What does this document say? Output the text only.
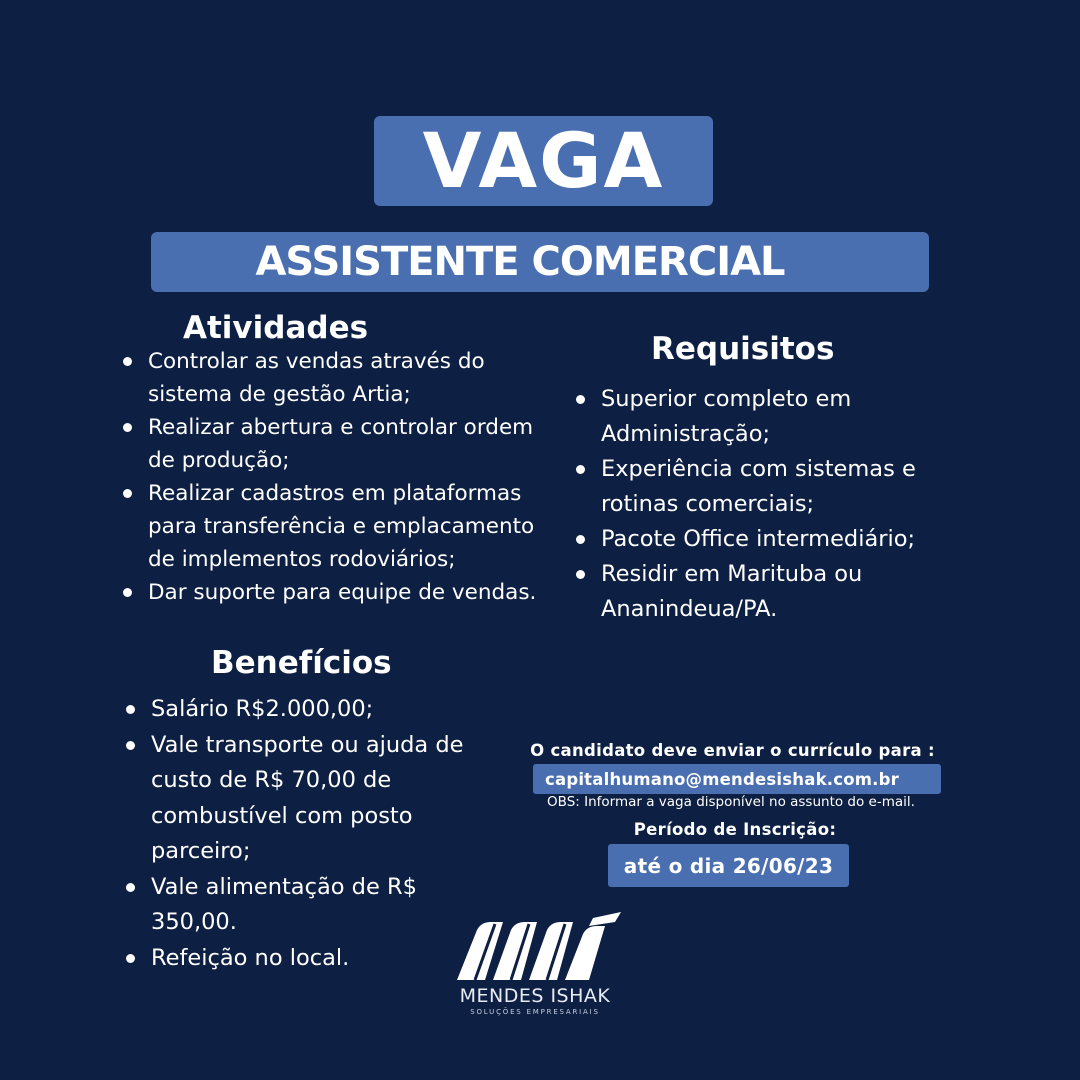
VAGA
ASSISTENTE COMERCIAL
Atividades
Controlar as vendas através do sistema de gestão Artia;
Realizar abertura e controlar ordem de produção;
Realizar cadastros em plataformas para transferência e emplacamento de implementos rodoviários;
Dar suporte para equipe de vendas.
Requisitos
Superior completo em Administração;
Experiência com sistemas e rotinas comerciais;
Pacote Office intermediário;
Residir em Marituba ou Ananindeua/PA.
Benefícios
Salário R$2.000,00;
Vale transporte ou ajuda de custo de R$ 70,00 de combustível com posto parceiro;
Vale alimentação de R$ 350,00.
Refeição no local.
O candidato deve enviar o currículo para :
capitalhumano@mendesishak.com.br
OBS: Informar a vaga disponível no assunto do e-mail.
Período de Inscrição:
até o dia 26/06/23
MENDES ISHAK
SOLUÇÕES EMPRESARIAIS
